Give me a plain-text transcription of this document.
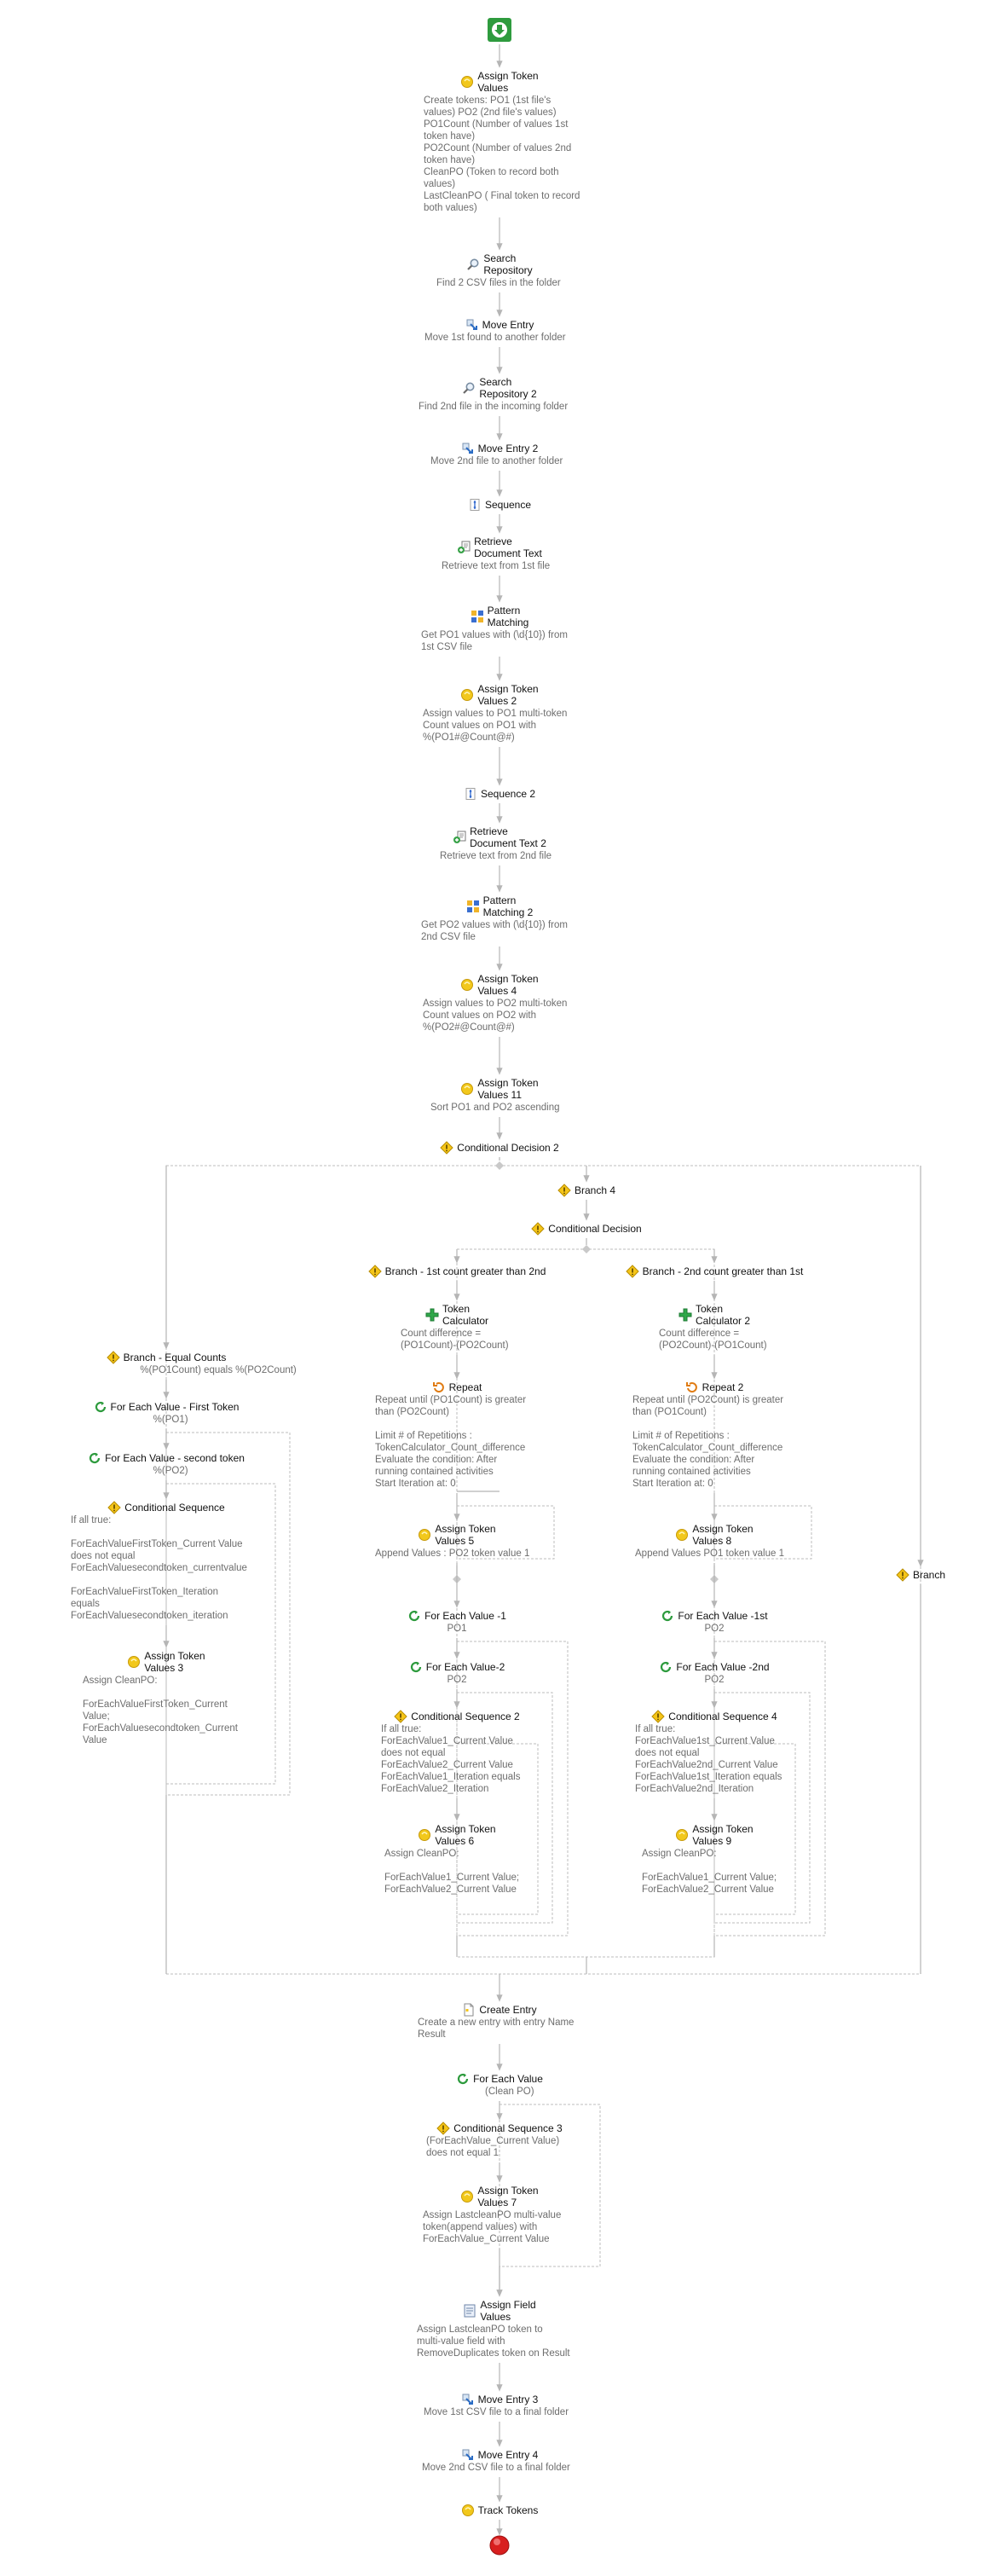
Assign Token
Values
Create tokens: PO1 (1st file's
values) PO2 (2nd file's values)
PO1Count (Number of values 1st
token have)
PO2Count (Number of values 2nd
token have)
CleanPO (Token to record both
values)
LastCleanPO ( Final token to record
both values)
Search
Repository
Find 2 CSV files in the folder
Move Entry
Move 1st found to another folder
Search
Repository 2
Find 2nd file in the incoming folder
Move Entry 2
Move 2nd file to another folder
Sequence
Retrieve
Document Text
Retrieve text from 1st file
Pattern
Matching
Get PO1 values with (\d{10}) from
1st CSV file
Assign Token
Values 2
Assign values to PO1 multi-token
Count values on PO1 with
%(PO1#@Count@#)
Sequence 2
Retrieve
Document Text 2
Retrieve text from 2nd file
Pattern
Matching 2
Get PO2 values with (\d{10}) from
2nd CSV file
Assign Token
Values 4
Assign values to PO2 multi-token
Count values on PO2 with
%(PO2#@Count@#)
Assign Token
Values 11
Sort PO1 and PO2 ascending
Conditional Decision 2
Branch 4
Conditional Decision
Branch - 1st count greater than 2nd	Branch - 2nd count greater than 1st
Token
Calculator
Count difference =
(PO1Count)-(PO2Count)
Token
Calculator 2
Count difference =
(PO2Count)-(PO1Count)
Repeat
Repeat until (PO1Count) is greater
than (PO2Count)
Limit # of Repetitions :
TokenCalculator_Count_difference
Evaluate the condition: After
running contained activities
Start Iteration at: 0
Repeat 2
Repeat until (PO2Count) is greater
than (PO1Count)
Limit # of Repetitions :
TokenCalculator_Count_difference
Evaluate the condition: After
running contained activities
Start Iteration at: 0
Assign Token
Values 5
Append Values : PO2 token value 1
Assign Token
Values 8
Append Values PO1 token value 1
For Each Value -1
PO1
For Each Value -1st
PO2
For Each Value-2
PO2
For Each Value -2nd
PO2
Conditional Sequence 2
If all true:
ForEachValue1_Current Value
does not equal
ForEachValue2_Current Value
ForEachValue1_Iteration equals
ForEachValue2_Iteration
Conditional Sequence 4
If all true:
ForEachValue1st_Current Value
does not equal
ForEachValue2nd_Current Value
ForEachValue1st_Iteration equals
ForEachValue2nd_Iteration
Assign Token
Values 6
Assign CleanPO:
ForEachValue1_Current Value;
ForEachValue2_Current Value
Assign Token
Values 9
Assign CleanPO:
ForEachValue1_Current Value;
ForEachValue2_Current Value
Branch - Equal Counts
%(PO1Count) equals %(PO2Count)
For Each Value - First Token
%(PO1)
For Each Value - second token
%(PO2)
Conditional Sequence
If all true:
ForEachValueFirstToken_Current Value
does not equal
ForEachValuesecondtoken_currentvalue
ForEachValueFirstToken_Iteration
equals
ForEachValuesecondtoken_iteration
Assign Token
Values 3
Assign CleanPO:
ForEachValueFirstToken_Current
Value;
ForEachValuesecondtoken_Current
Value
Branch
Create Entry
Create a new entry with entry Name
Result
For Each Value
(Clean PO)
Conditional Sequence 3
(ForEachValue_Current Value)
does not equal 1
Assign Token
Values 7
Assign LastcleanPO multi-value
token(append values) with
ForEachValue_Current Value
Assign Field
Values
Assign LastcleanPO token to
multi-value field with
RemoveDuplicates token on Result
Move Entry 3
Move 1st CSV file to a final folder
Move Entry 4
Move 2nd CSV file to a final folder
Track Tokens
